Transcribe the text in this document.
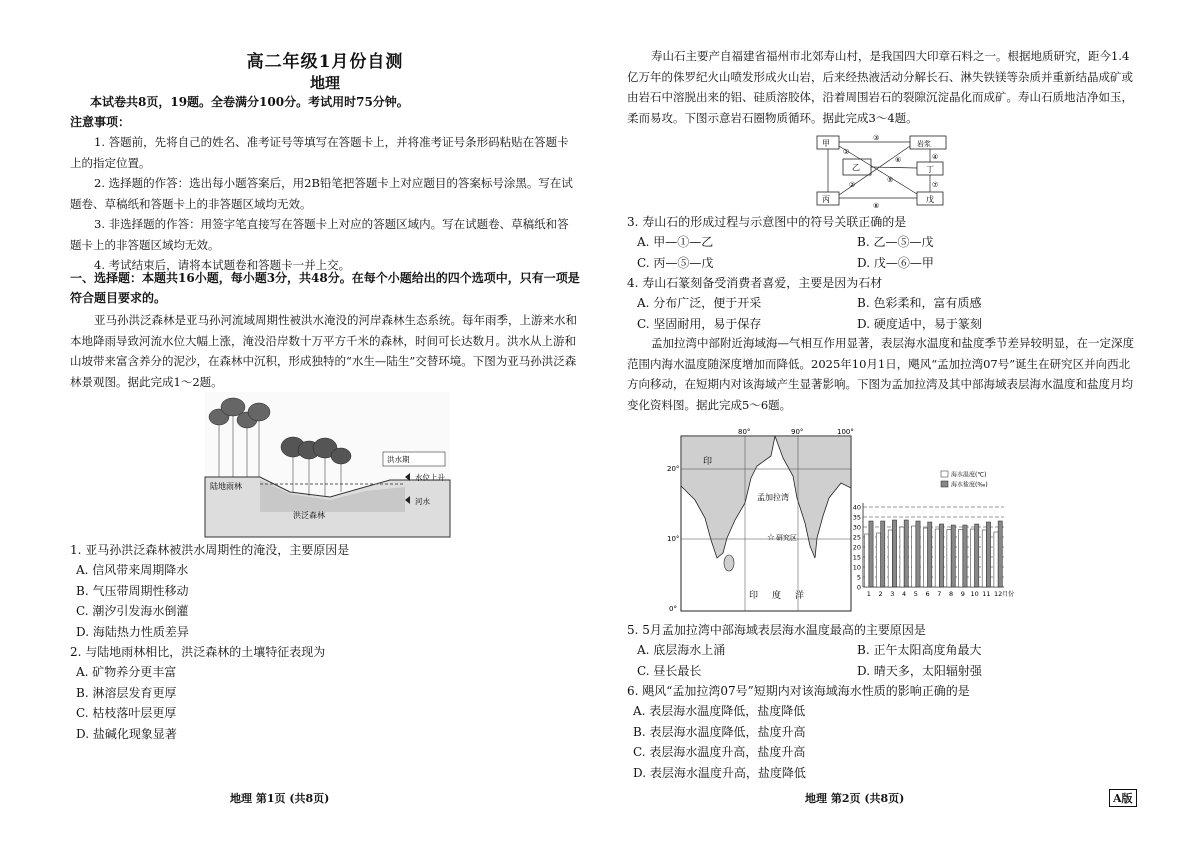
高二年级1月份自测
地理
本试卷共8页，19题。全卷满分100分。考试用时75分钟。
注意事项：
1. 答题前，先将自己的姓名、准考证号等填写在答题卡上，并将准考证号条形码粘贴在答题卡上的指定位置。
2. 选择题的作答：选出每小题答案后，用2B铅笔把答题卡上对应题目的答案标号涂黑。写在试题卷、草稿纸和答题卡上的非答题区域均无效。
3. 非选择题的作答：用签字笔直接写在答题卡上对应的答题区域内。写在试题卷、草稿纸和答题卡上的非答题区域均无效。
4. 考试结束后，请将本试题卷和答题卡一并上交。
一、选择题：本题共16小题，每小题3分，共48分。在每个小题给出的四个选项中，只有一项是符合题目要求的。
亚马孙洪泛森林是亚马孙河流域周期性被洪水淹没的河岸森林生态系统。每年雨季，上游来水和本地降雨导致河流水位大幅上涨，淹没沿岸数十万平方千米的森林，时间可长达数月。洪水从上游和山坡带来富含养分的泥沙，在森林中沉积，形成独特的“水生—陆生”交替环境。下图为亚马孙洪泛森林景观图。据此完成1～2题。
陆地雨林
洪泛森林
洪水期
水位上升
河水
1. 亚马孙洪泛森林被洪水周期性的淹没，主要原因是
A. 信风带来周期降水
B. 气压带周期性移动
C. 潮汐引发海水倒灌
D. 海陆热力性质差异
2. 与陆地雨林相比，洪泛森林的土壤特征表现为
A. 矿物养分更丰富
B. 淋溶层发育更厚
C. 枯枝落叶层更厚
D. 盐碱化现象显著
地理 第1页 (共8页)
寿山石主要产自福建省福州市北郊寿山村，是我国四大印章石料之一。根据地质研究，距今1.4亿万年的侏罗纪火山喷发形成火山岩，后来经热液活动分解长石、淋失铁镁等杂质并重新结晶成矿或由岩石中溶脱出来的铝、硅质溶胶体，沿着周围岩石的裂隙沉淀晶化而成矿。寿山石质地洁净如玉，柔而易攻。下图示意岩石圈物质循环。据此完成3～4题。
甲	岩浆
乙	丁
丙	戊
③
①
②
⑥
⑤
④
⑦
⑧
3. 寿山石的形成过程与示意图中的符号关联正确的是
A. 甲—①—乙	B. 乙—⑤—戊
C. 丙—⑤—戊	D. 戊—⑥—甲
4. 寿山石篆刻备受消费者喜爱，主要是因为石材
A. 分布广泛，便于开采	B. 色彩柔和，富有质感
C. 坚固耐用，易于保存	D. 硬度适中，易于篆刻
孟加拉湾中部附近海域海—气相互作用显著，表层海水温度和盐度季节差异较明显，在一定深度范围内海水温度随深度增加而降低。2025年10月1日，飓风“孟加拉湾07号”诞生在研究区并向西北方向移动，在短期内对该海域产生显著影响。下图为孟加拉湾及其中部海域表层海水温度和盐度月均变化资料图。据此完成5～6题。
80°	90°	100°
20°
10°
0°
印
孟加拉湾
印度洋
☆ 研究区
0
5
10
15
20
25
30
35
40
1 2 3 4 5 6 7 8 9 10 11 12 月份
海水温度(℃)
海水盐度(‰)
5. 5月孟加拉湾中部海域表层海水温度最高的主要原因是
A. 底层海水上涌	B. 正午太阳高度角最大
C. 昼长最长	D. 晴天多，太阳辐射强
6. 飓风“孟加拉湾07号”短期内对该海域海水性质的影响正确的是
A. 表层海水温度降低，盐度降低
B. 表层海水温度降低，盐度升高
C. 表层海水温度升高，盐度升高
D. 表层海水温度升高，盐度降低
地理 第2页 (共8页)	A版
